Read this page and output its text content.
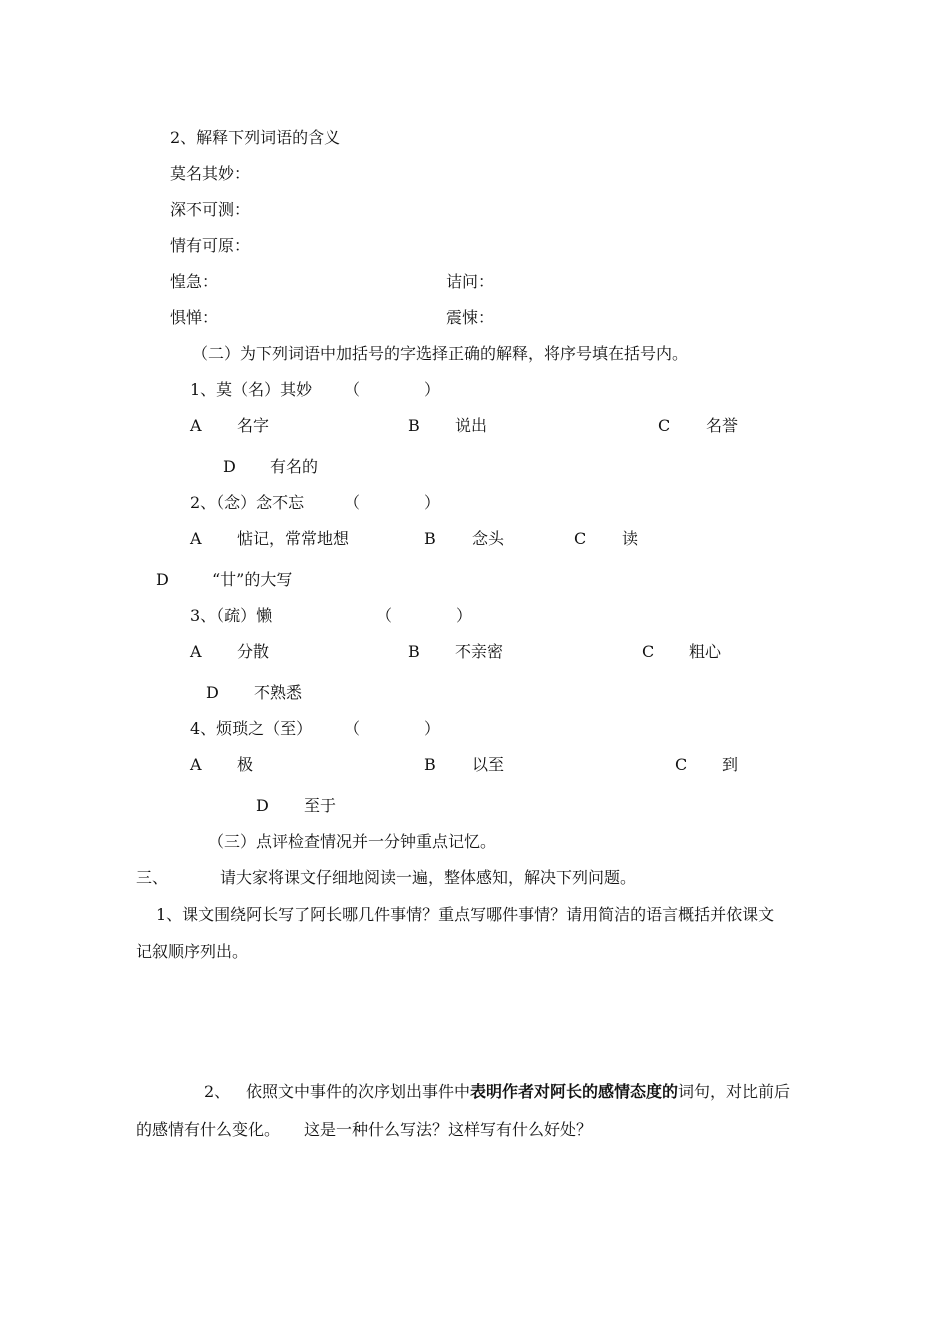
2、解释下列词语的含义
莫名其妙：
深不可测：
情有可原：
惶急：	诘问：
惧惮：	震悚：
（二）为下列词语中加括号的字选择正确的解释，将序号填在括号内。
1、莫（名）其妙 （　　　　）
A 名字	B 说出	C 名誉
D 有名的
2、（念）念不忘 （　　　　）
A 惦记，常常地想	B 念头	C 读
D	“廿”的大写
3、（疏）懒	（　　　　）
A 分散	B 不亲密	C 粗心
D 不熟悉
4、烦琐之（至） （　　　　）
A 极	B 以至	C 到
D 至于
（三）点评检查情况并一分钟重点记忆。
三、	请大家将课文仔细地阅读一遍，整体感知，解决下列问题。
1、课文围绕阿长写了阿长哪几件事情？重点写哪件事情？请用简洁的语言概括并依课文
记叙顺序列出。
2、 依照文中事件的次序划出事件中表明作者对阿长的感情态度的词句，对比前后
的感情有什么变化。 这是一种什么写法？这样写有什么好处？
